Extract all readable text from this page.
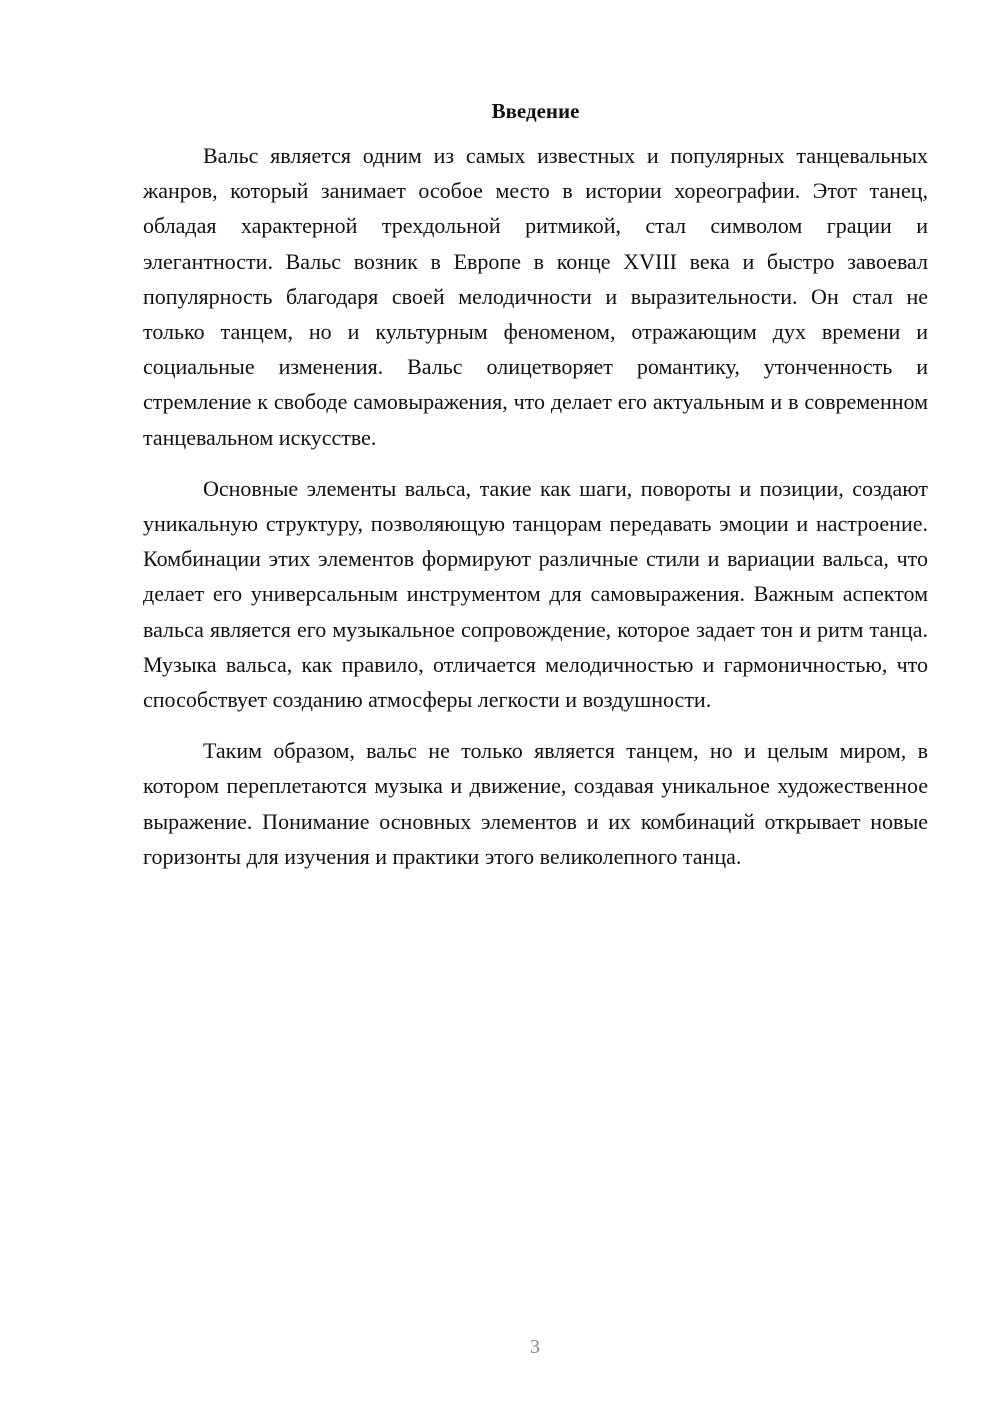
Введение

Вальс является одним из самых известных и популярных танцевальных жанров, который занимает особое место в истории хореографии. Этот танец, обладая характерной трехдольной ритмикой, стал символом грации и элегантности. Вальс возник в Европе в конце XVIII века и быстро завоевал популярность благодаря своей мелодичности и выразительности. Он стал не только танцем, но и культурным феноменом, отражающим дух времени и социальные изменения. Вальс олицетворяет романтику, утонченность и стремление к свободе самовыражения, что делает его актуальным и в современном танцевальном искусстве.

Основные элементы вальса, такие как шаги, повороты и позиции, создают уникальную структуру, позволяющую танцорам передавать эмоции и настроение. Комбинации этих элементов формируют различные стили и вариации вальса, что делает его универсальным инструментом для самовыражения. Важным аспектом вальса является его музыкальное сопровождение, которое задает тон и ритм танца. Музыка вальса, как правило, отличается мелодичностью и гармоничностью, что способствует созданию атмосферы легкости и воздушности.

Таким образом, вальс не только является танцем, но и целым миром, в котором переплетаются музыка и движение, создавая уникальное художественное выражение. Понимание основных элементов и их комбинаций открывает новые горизонты для изучения и практики этого великолепного танца.

3
